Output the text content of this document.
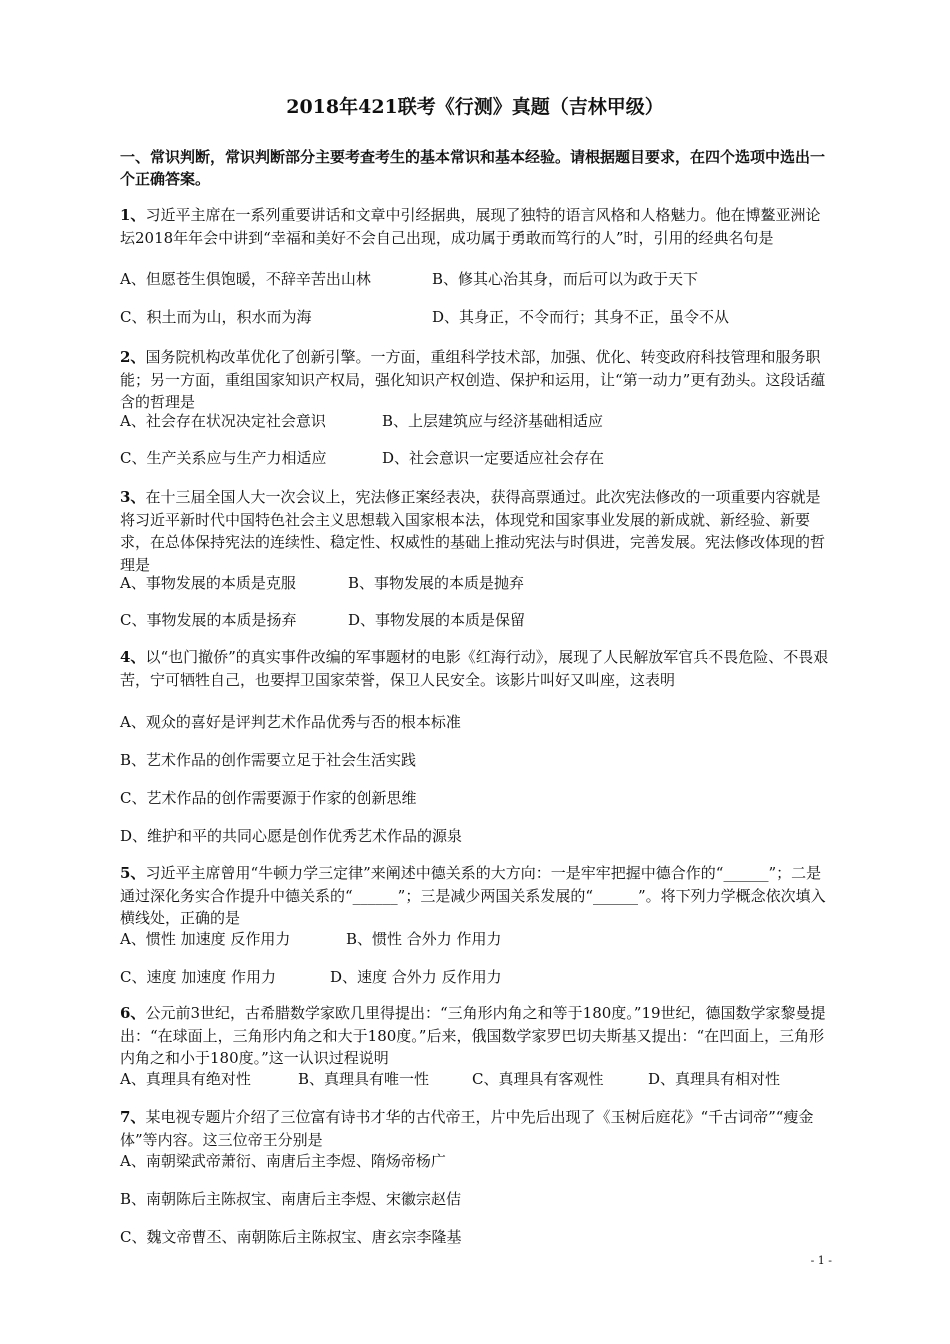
2018年421联考《行测》真题（吉林甲级）
一、常识判断，常识判断部分主要考查考生的基本常识和基本经验。请根据题目要求，在四个选项中选出一个正确答案。
1、习近平主席在一系列重要讲话和文章中引经据典，展现了独特的语言风格和人格魅力。他在博鳌亚洲论坛2018年年会中讲到“幸福和美好不会自己出现，成功属于勇敢而笃行的人”时，引用的经典名句是
A、但愿苍生俱饱暖，不辞辛苦出山林	B、修其心治其身，而后可以为政于天下
C、积土而为山，积水而为海	D、其身正，不令而行；其身不正，虽令不从
2、国务院机构改革优化了创新引擎。一方面，重组科学技术部，加强、优化、转变政府科技管理和服务职能；另一方面，重组国家知识产权局，强化知识产权创造、保护和运用，让“第一动力”更有劲头。这段话蕴含的哲理是
A、社会存在状况决定社会意识	B、上层建筑应与经济基础相适应
C、生产关系应与生产力相适应	D、社会意识一定要适应社会存在
3、在十三届全国人大一次会议上，宪法修正案经表决，获得高票通过。此次宪法修改的一项重要内容就是将习近平新时代中国特色社会主义思想载入国家根本法，体现党和国家事业发展的新成就、新经验、新要求，在总体保持宪法的连续性、稳定性、权威性的基础上推动宪法与时俱进，完善发展。宪法修改体现的哲理是
A、事物发展的本质是克服	B、事物发展的本质是抛弃
C、事物发展的本质是扬弃	D、事物发展的本质是保留
4、以“也门撤侨”的真实事件改编的军事题材的电影《红海行动》，展现了人民解放军官兵不畏危险、不畏艰苦，宁可牺牲自己，也要捍卫国家荣誉，保卫人民安全。该影片叫好又叫座，这表明
A、观众的喜好是评判艺术作品优秀与否的根本标准
B、艺术作品的创作需要立足于社会生活实践
C、艺术作品的创作需要源于作家的创新思维
D、维护和平的共同心愿是创作优秀艺术作品的源泉
5、习近平主席曾用“牛顿力学三定律”来阐述中德关系的大方向：一是牢牢把握中德合作的“______”；二是通过深化务实合作提升中德关系的“______”；三是减少两国关系发展的“______”。将下列力学概念依次填入横线处，正确的是
A、惯性 加速度 反作用力	B、惯性 合外力 作用力
C、速度 加速度 作用力	D、速度 合外力 反作用力
6、公元前3世纪，古希腊数学家欧几里得提出：“三角形内角之和等于180度。”19世纪，德国数学家黎曼提出：“在球面上，三角形内角之和大于180度。”后来，俄国数学家罗巴切夫斯基又提出：“在凹面上，三角形内角之和小于180度。”这一认识过程说明
A、真理具有绝对性	B、真理具有唯一性	C、真理具有客观性	D、真理具有相对性
7、某电视专题片介绍了三位富有诗书才华的古代帝王，片中先后出现了《玉树后庭花》“千古词帝”“瘦金体”等内容。这三位帝王分别是
A、南朝梁武帝萧衍、南唐后主李煜、隋炀帝杨广
B、南朝陈后主陈叔宝、南唐后主李煜、宋徽宗赵佶
C、魏文帝曹丕、南朝陈后主陈叔宝、唐玄宗李隆基
- 1 -
